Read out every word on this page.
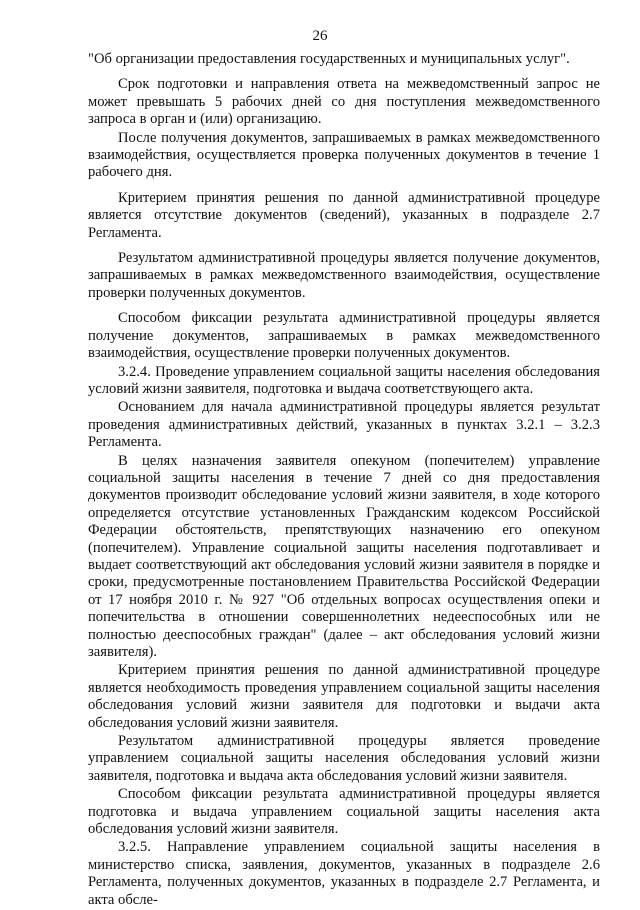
26

"Об организации предоставления государственных и муниципальных услуг".

Срок подготовки и направления ответа на межведомственный запрос не может превышать 5 рабочих дней со дня поступления межведомственного запроса в орган и (или) организацию.

После получения документов, запрашиваемых в рамках межведомственного взаимодействия, осуществляется проверка полученных документов в течение 1 рабочего дня.

Критерием принятия решения по данной административной процедуре является отсутствие документов (сведений), указанных в подразделе 2.7 Регламента.

Результатом административной процедуры является получение документов, запрашиваемых в рамках межведомственного взаимодействия, осуществление проверки полученных документов.

Способом фиксации результата административной процедуры является получение документов, запрашиваемых в рамках межведомственного взаимодействия, осуществление проверки полученных документов.

3.2.4. Проведение управлением социальной защиты населения обследования условий жизни заявителя, подготовка и выдача соответствующего акта.

Основанием для начала административной процедуры является результат проведения административных действий, указанных в пунктах 3.2.1 – 3.2.3 Регламента.

В целях назначения заявителя опекуном (попечителем) управление социальной защиты населения в течение 7 дней со дня предоставления документов производит обследование условий жизни заявителя, в ходе которого определяется отсутствие установленных Гражданским кодексом Российской Федерации обстоятельств, препятствующих назначению его опекуном (попечителем). Управление социальной защиты населения подготавливает и выдает соответствующий акт обследования условий жизни заявителя в порядке и сроки, предусмотренные постановлением Правительства Российской Федерации от 17 ноября 2010 г. № 927 "Об отдельных вопросах осуществления опеки и попечительства в отношении совершеннолетних недееспособных или не полностью дееспособных граждан" (далее – акт обследования условий жизни заявителя).

Критерием принятия решения по данной административной процедуре является необходимость проведения управлением социальной защиты населения обследования условий жизни заявителя для подготовки и выдачи акта обследования условий жизни заявителя.

Результатом административной процедуры является проведение управлением социальной защиты населения обследования условий жизни заявителя, подготовка и выдача акта обследования условий жизни заявителя.

Способом фиксации результата административной процедуры является подготовка и выдача управлением социальной защиты населения акта обследования условий жизни заявителя.

3.2.5. Направление управлением социальной защиты населения в министерство списка, заявления, документов, указанных в подразделе 2.6 Регламента, полученных документов, указанных в подразделе 2.7 Регламента, и акта обсле-
